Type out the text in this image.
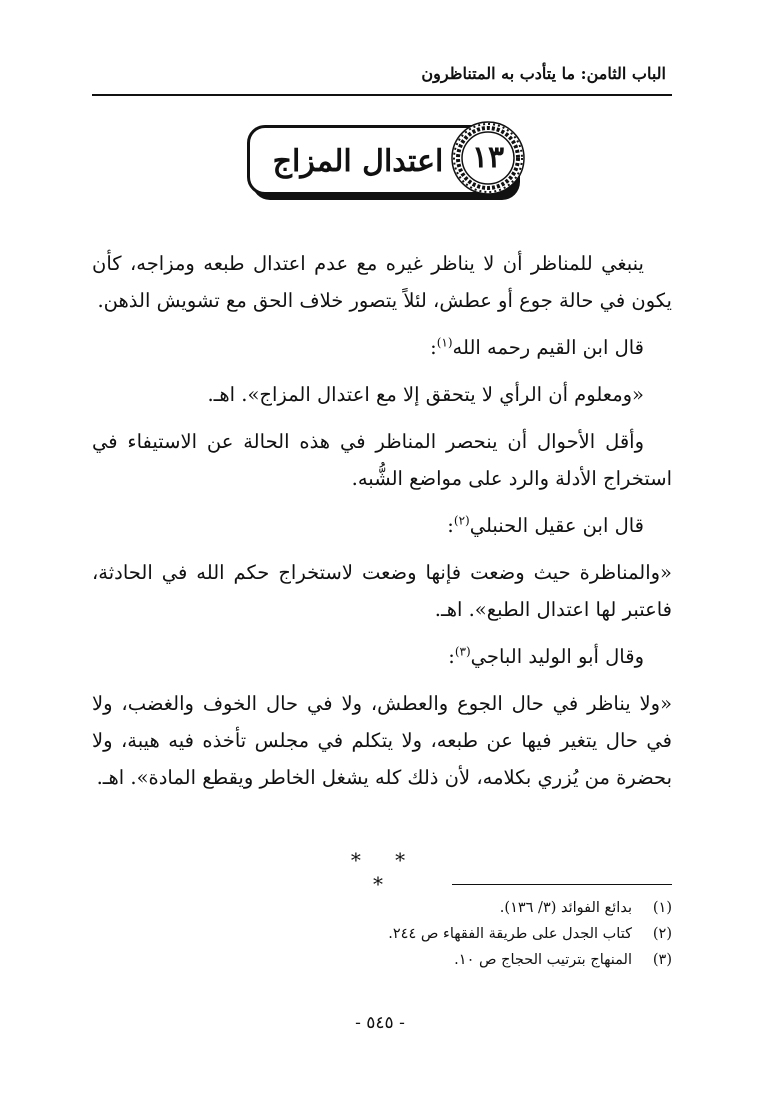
الباب الثامن: ما يتأدب به المتناظرون
اعتدال المزاج ١٣

ينبغي للمناظر أن لا يناظر غيره مع عدم اعتدال طبعه ومزاجه، كأن يكون في حالة جوع أو عطش، لئلاً يتصور خلاف الحق مع تشويش الذهن.

قال ابن القيم رحمه الله$^{(١)}$:

«ومعلوم أن الرأي لا يتحقق إلا مع اعتدال المزاج». اهـ.

وأقل الأحوال أن ينحصر المناظر في هذه الحالة عن الاستيفاء في استخراج الأدلة والرد على مواضع الشُّبه.

قال ابن عقيل الحنبلي$^{(٢)}$:

«والمناظرة حيث وضعت فإنها وضعت لاستخراج حكم الله في الحادثة، فاعتبر لها اعتدال الطبع». اهـ.

وقال أبو الوليد الباجي$^{(٣)}$:

«ولا يناظر في حال الجوع والعطش، ولا في حال الخوف والغضب، ولا في حال يتغير فيها عن طبعه، ولا يتكلم في مجلس تأخذه فيه هيبة، ولا بحضرة من يُزري بكلامه، لأن ذلك كله يشغل الخاطر ويقطع المادة». اهـ.

* * *
(١)
بدائع الفوائد (٣/ ١٣٦).
(٢)
كتاب الجدل على طريقة الفقهاء ص ٢٤٤.
(٣)
المنهاج بترتيب الحجاج ص ١٠.
- ٥٤٥ -
